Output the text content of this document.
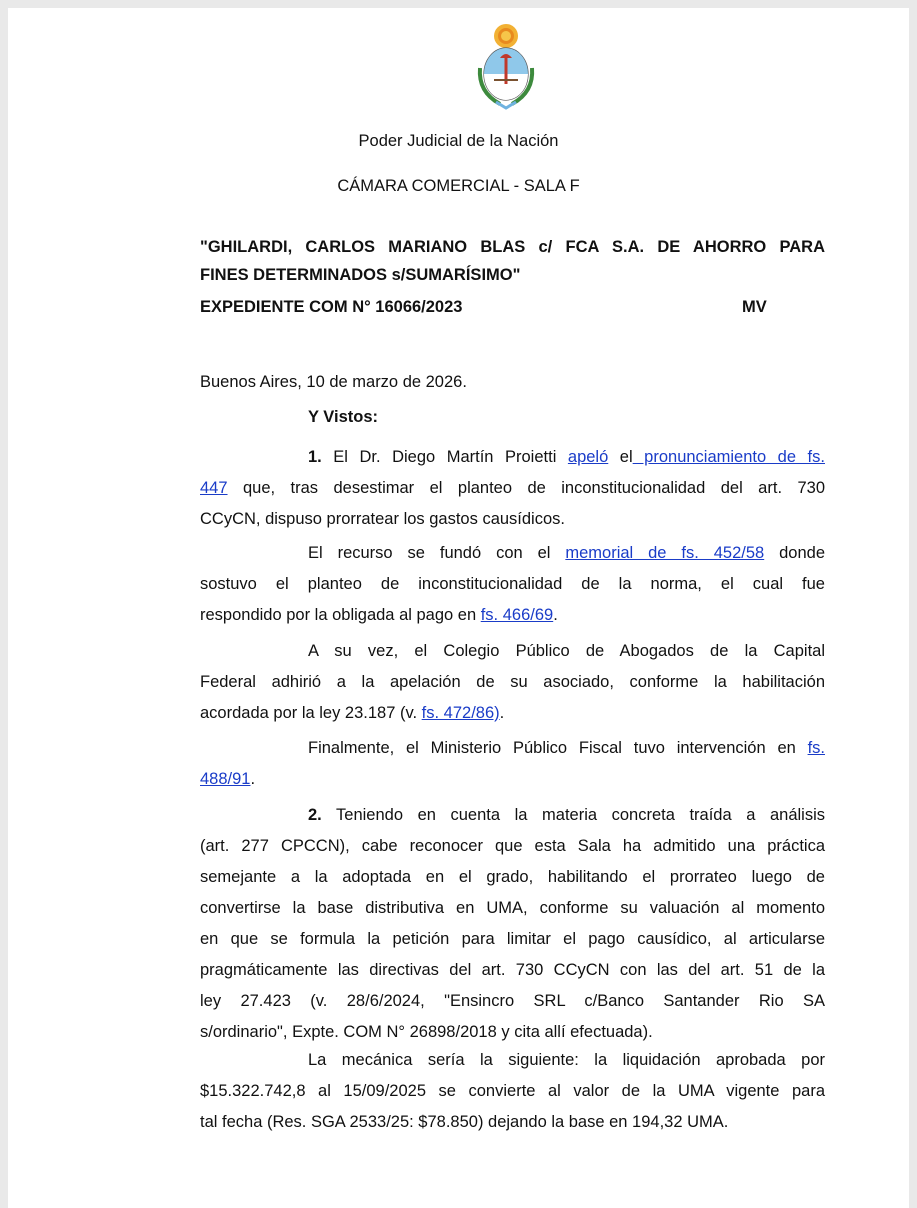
Poder Judicial de la Nación
CÁMARA COMERCIAL - SALA F
"GHILARDI, CARLOS MARIANO BLAS c/ FCA S.A. DE AHORRO PARA
FINES DETERMINADOS s/SUMARÍSIMO"
EXPEDIENTE COM N° 16066/2023	MV
Buenos Aires, 10 de marzo de 2026.
Y Vistos:
1. El Dr. Diego Martín Proietti apeló el pronunciamiento de fs.
447 que, tras desestimar el planteo de inconstitucionalidad del art. 730
CCyCN, dispuso prorratear los gastos causídicos.
El recurso se fundó con el memorial de fs. 452/58 donde
sostuvo el planteo de inconstitucionalidad de la norma, el cual fue
respondido por la obligada al pago en fs. 466/69.
A su vez, el Colegio Público de Abogados de la Capital
Federal adhirió a la apelación de su asociado, conforme la habilitación
acordada por la ley 23.187 (v. fs. 472/86).
Finalmente, el Ministerio Público Fiscal tuvo intervención en fs.
488/91.
2. Teniendo en cuenta la materia concreta traída a análisis
(art. 277 CPCCN), cabe reconocer que esta Sala ha admitido una práctica
semejante a la adoptada en el grado, habilitando el prorrateo luego de
convertirse la base distributiva en UMA, conforme su valuación al momento
en que se formula la petición para limitar el pago causídico, al articularse
pragmáticamente las directivas del art. 730 CCyCN con las del art. 51 de la
ley 27.423 (v. 28/6/2024, "Ensincro SRL c/Banco Santander Rio SA
s/ordinario", Expte. COM N° 26898/2018 y cita allí efectuada).
La mecánica sería la siguiente: la liquidación aprobada por
$15.322.742,8 al 15/09/2025 se convierte al valor de la UMA vigente para
tal fecha (Res. SGA 2533/25: $78.850) dejando la base en 194,32 UMA.
